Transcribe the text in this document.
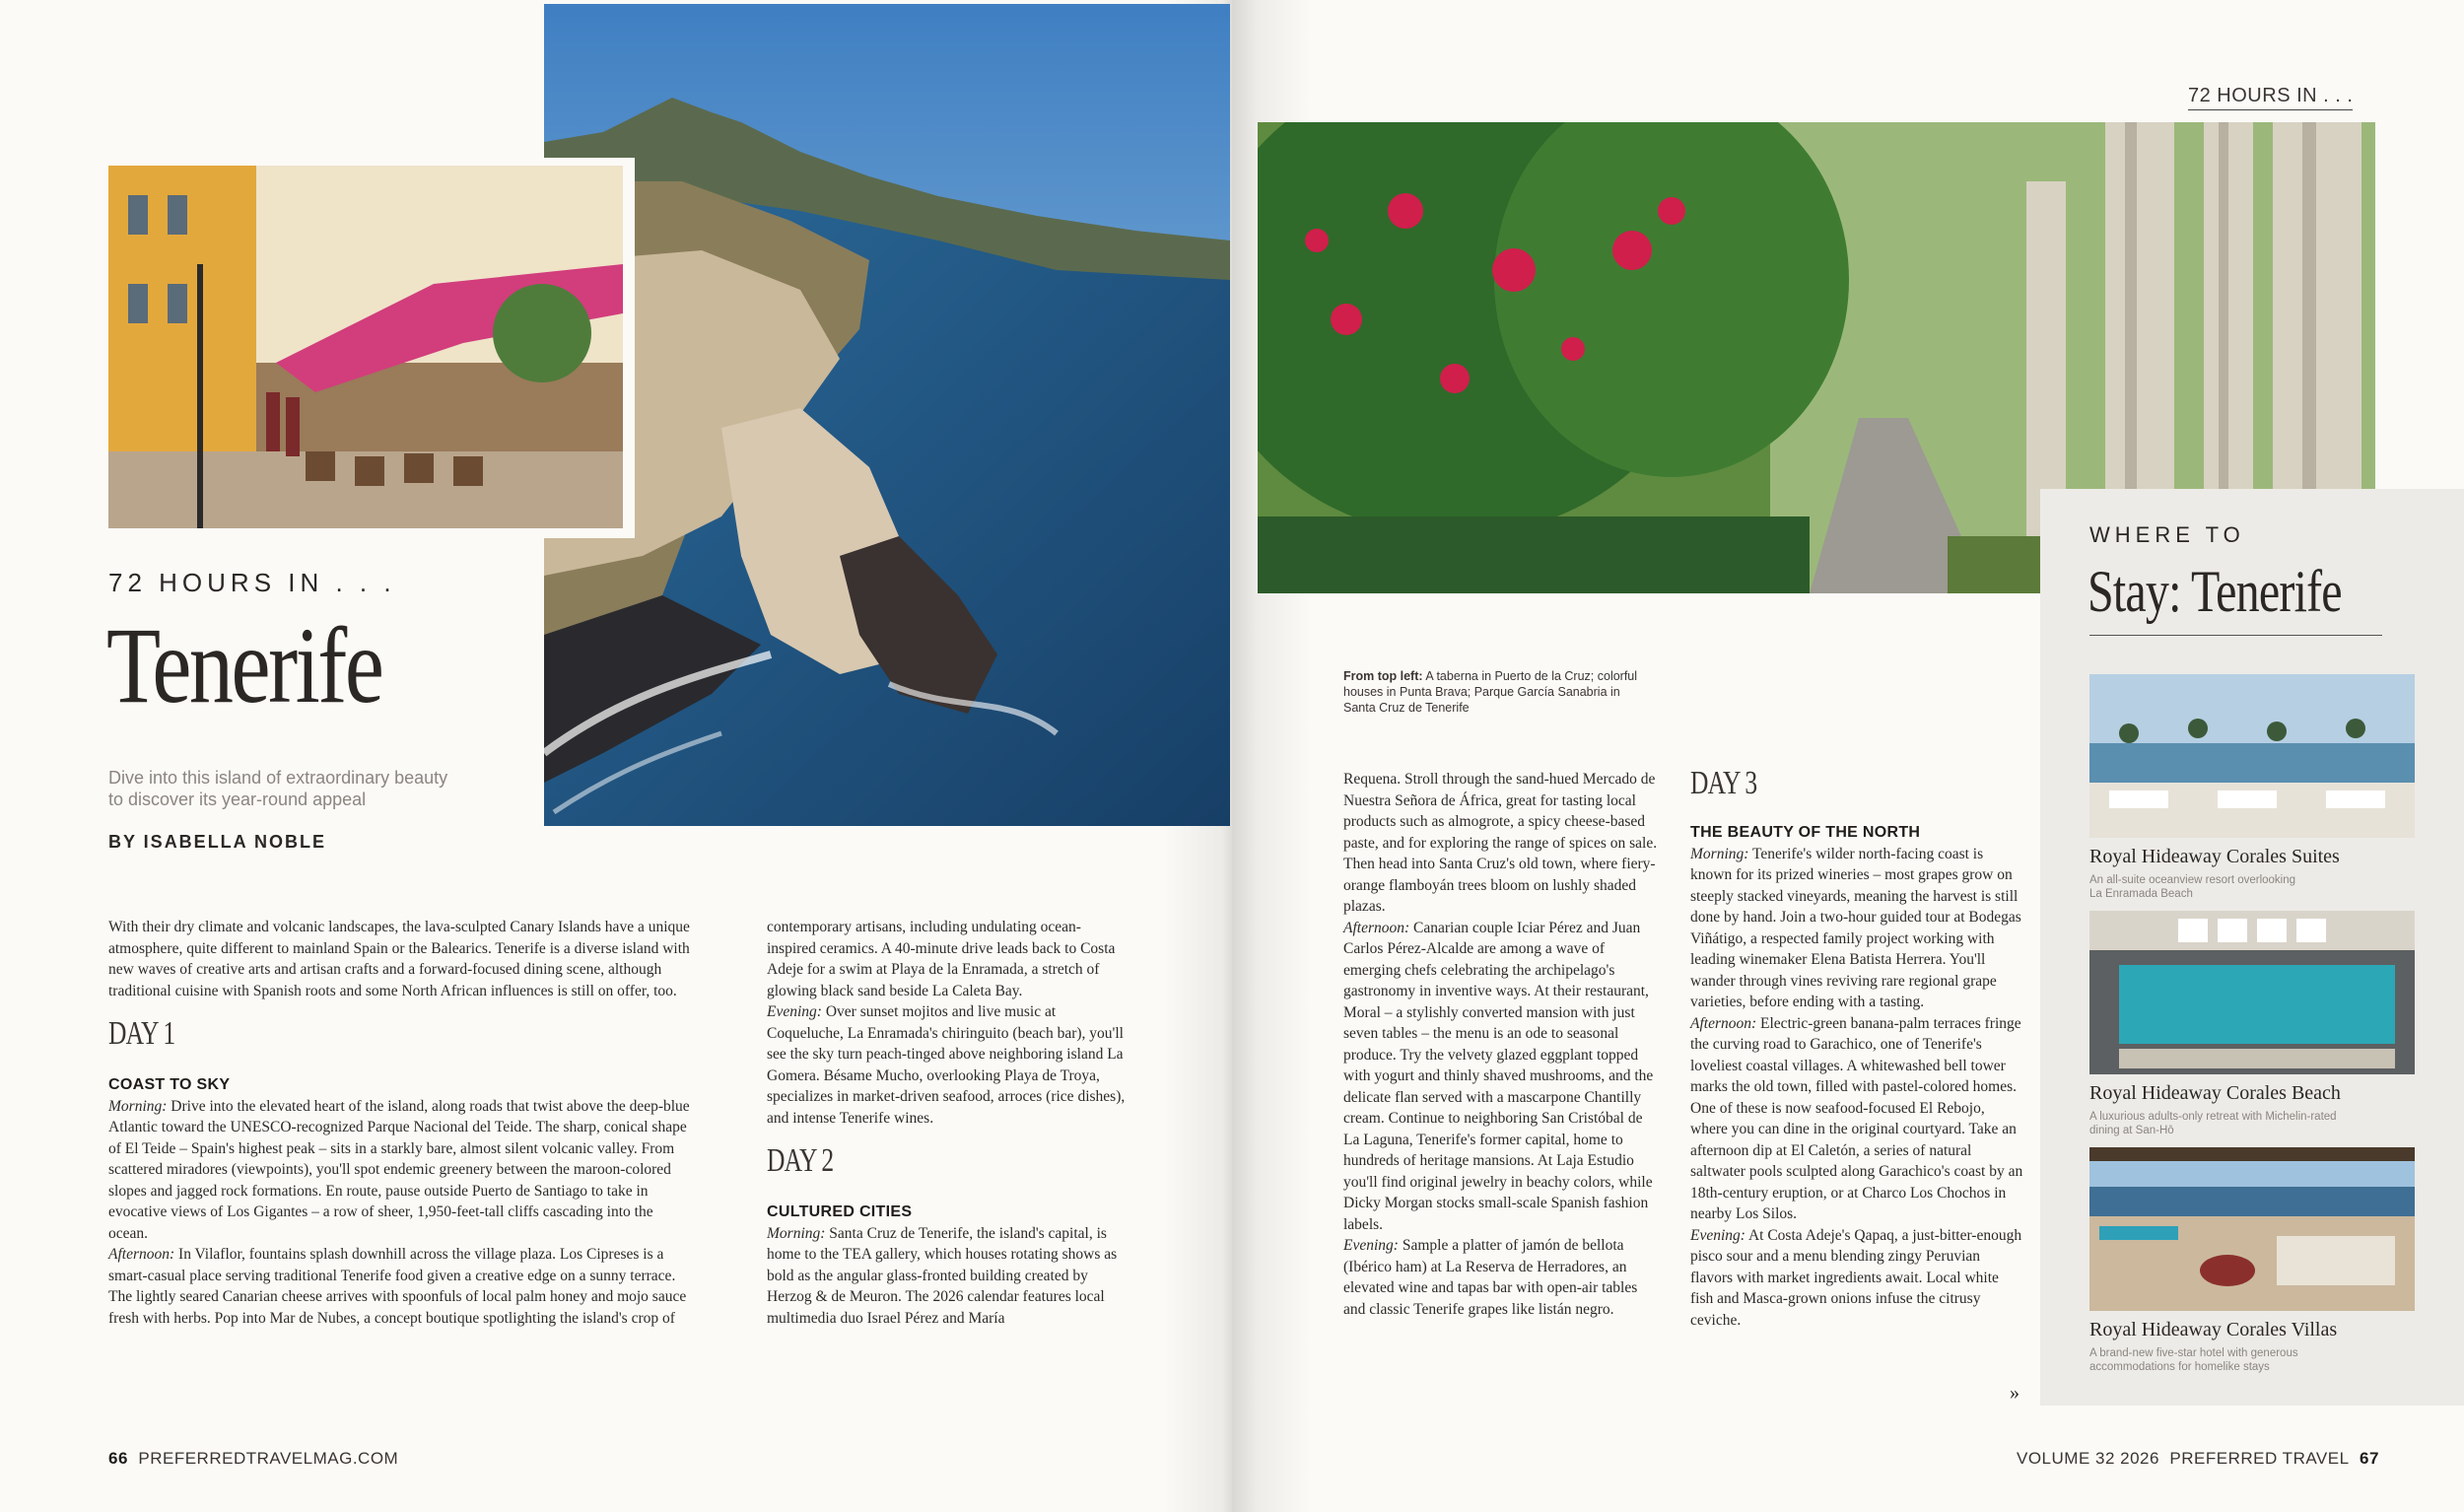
72 HOURS IN . . .
Tenerife
Dive into this island of extraordinary beauty
to discover its year-round appeal
BY ISABELLA NOBLE

With their dry climate and volcanic landscapes, the lava-sculpted Canary Islands have a unique atmosphere, quite different to mainland Spain or the Balearics. Tenerife is a diverse island with new waves of creative arts and artisan crafts and a forward-focused dining scene, although traditional cuisine with Spanish roots and some North African influences is still on offer, too.

DAY 1
COAST TO SKY

Morning: Drive into the elevated heart of the island, along roads that twist above the deep-blue Atlantic toward the UNESCO-recognized Parque Nacional del Teide. The sharp, conical shape of El Teide – Spain's highest peak – sits in a starkly bare, almost silent volcanic valley. From scattered miradores (viewpoints), you'll spot endemic greenery between the maroon-colored slopes and jagged rock formations. En route, pause outside Puerto de Santiago to take in evocative views of Los Gigantes – a row of sheer, 1,950-feet-tall cliffs cascading into the ocean.

Afternoon: In Vilaflor, fountains splash downhill across the village plaza. Los Cipreses is a smart-casual place serving traditional Tenerife food given a creative edge on a sunny terrace. The lightly seared Canarian cheese arrives with spoonfuls of local palm honey and mojo sauce fresh with herbs. Pop into Mar de Nubes, a concept boutique spotlighting the island's crop of

contemporary artisans, including undulating ocean-inspired ceramics. A 40-minute drive leads back to Costa Adeje for a swim at Playa de la Enramada, a stretch of glowing black sand beside La Caleta Bay.

Evening: Over sunset mojitos and live music at Coqueluche, La Enramada's chiringuito (beach bar), you'll see the sky turn peach-tinged above neighboring island La Gomera. Bésame Mucho, overlooking Playa de Troya, specializes in market-driven seafood, arroces (rice dishes), and intense Tenerife wines.

DAY 2
CULTURED CITIES

Morning: Santa Cruz de Tenerife, the island's capital, is home to the TEA gallery, which houses rotating shows as bold as the angular glass-fronted building created by Herzog & de Meuron. The 2026 calendar features local multimedia duo Israel Pérez and María

66 PREFERREDTRAVELMAG.COM
72 HOURS IN . . .
From top left: A taberna in Puerto de la Cruz; colorful houses in Punta Brava; Parque García Sanabria in Santa Cruz de Tenerife

Requena. Stroll through the sand-hued Mercado de Nuestra Señora de África, great for tasting local products such as almogrote, a spicy cheese-based paste, and for exploring the range of spices on sale. Then head into Santa Cruz's old town, where fiery-orange flamboyán trees bloom on lushly shaded plazas.

Afternoon: Canarian couple Iciar Pérez and Juan Carlos Pérez-Alcalde are among a wave of emerging chefs celebrating the archipelago's gastronomy in inventive ways. At their restaurant, Moral – a stylishly converted mansion with just seven tables – the menu is an ode to seasonal produce. Try the velvety glazed eggplant topped with yogurt and thinly shaved mushrooms, and the delicate flan served with a mascarpone Chantilly cream. Continue to neighboring San Cristóbal de La Laguna, Tenerife's former capital, home to hundreds of heritage mansions. At Laja Estudio you'll find original jewelry in beachy colors, while Dicky Morgan stocks small-scale Spanish fashion labels.

Evening: Sample a platter of jamón de bellota (Ibérico ham) at La Reserva de Herradores, an elevated wine and tapas bar with open-air tables and classic Tenerife grapes like listán negro.

DAY 3
THE BEAUTY OF THE NORTH

Morning: Tenerife's wilder north-facing coast is known for its prized wineries – most grapes grow on steeply stacked vineyards, meaning the harvest is still done by hand. Join a two-hour guided tour at Bodegas Viñátigo, a respected family project working with leading winemaker Elena Batista Herrera. You'll wander through vines reviving rare regional grape varieties, before ending with a tasting.

Afternoon: Electric-green banana-palm terraces fringe the curving road to Garachico, one of Tenerife's loveliest coastal villages. A whitewashed bell tower marks the old town, filled with pastel-colored homes. One of these is now seafood-focused El Rebojo, where you can dine in the original courtyard. Take an afternoon dip at El Caletón, a series of natural saltwater pools sculpted along Garachico's coast by an 18th-century eruption, or at Charco Los Chochos in nearby Los Silos.

Evening: At Costa Adeje's Qapaq, a just-bitter-enough pisco sour and a menu blending zingy Peruvian flavors with market ingredients await. Local white fish and Masca-grown onions infuse the citrusy ceviche.

»
VOLUME 32 2026 PREFERRED TRAVEL 67
WHERE TO
Stay: Tenerife
Royal Hideaway Corales Suites
An all-suite oceanview resort overlooking
La Enramada Beach
Royal Hideaway Corales Beach
A luxurious adults-only retreat with Michelin-rated
dining at San-Hō
Royal Hideaway Corales Villas
A brand-new five-star hotel with generous
accommodations for homelike stays
